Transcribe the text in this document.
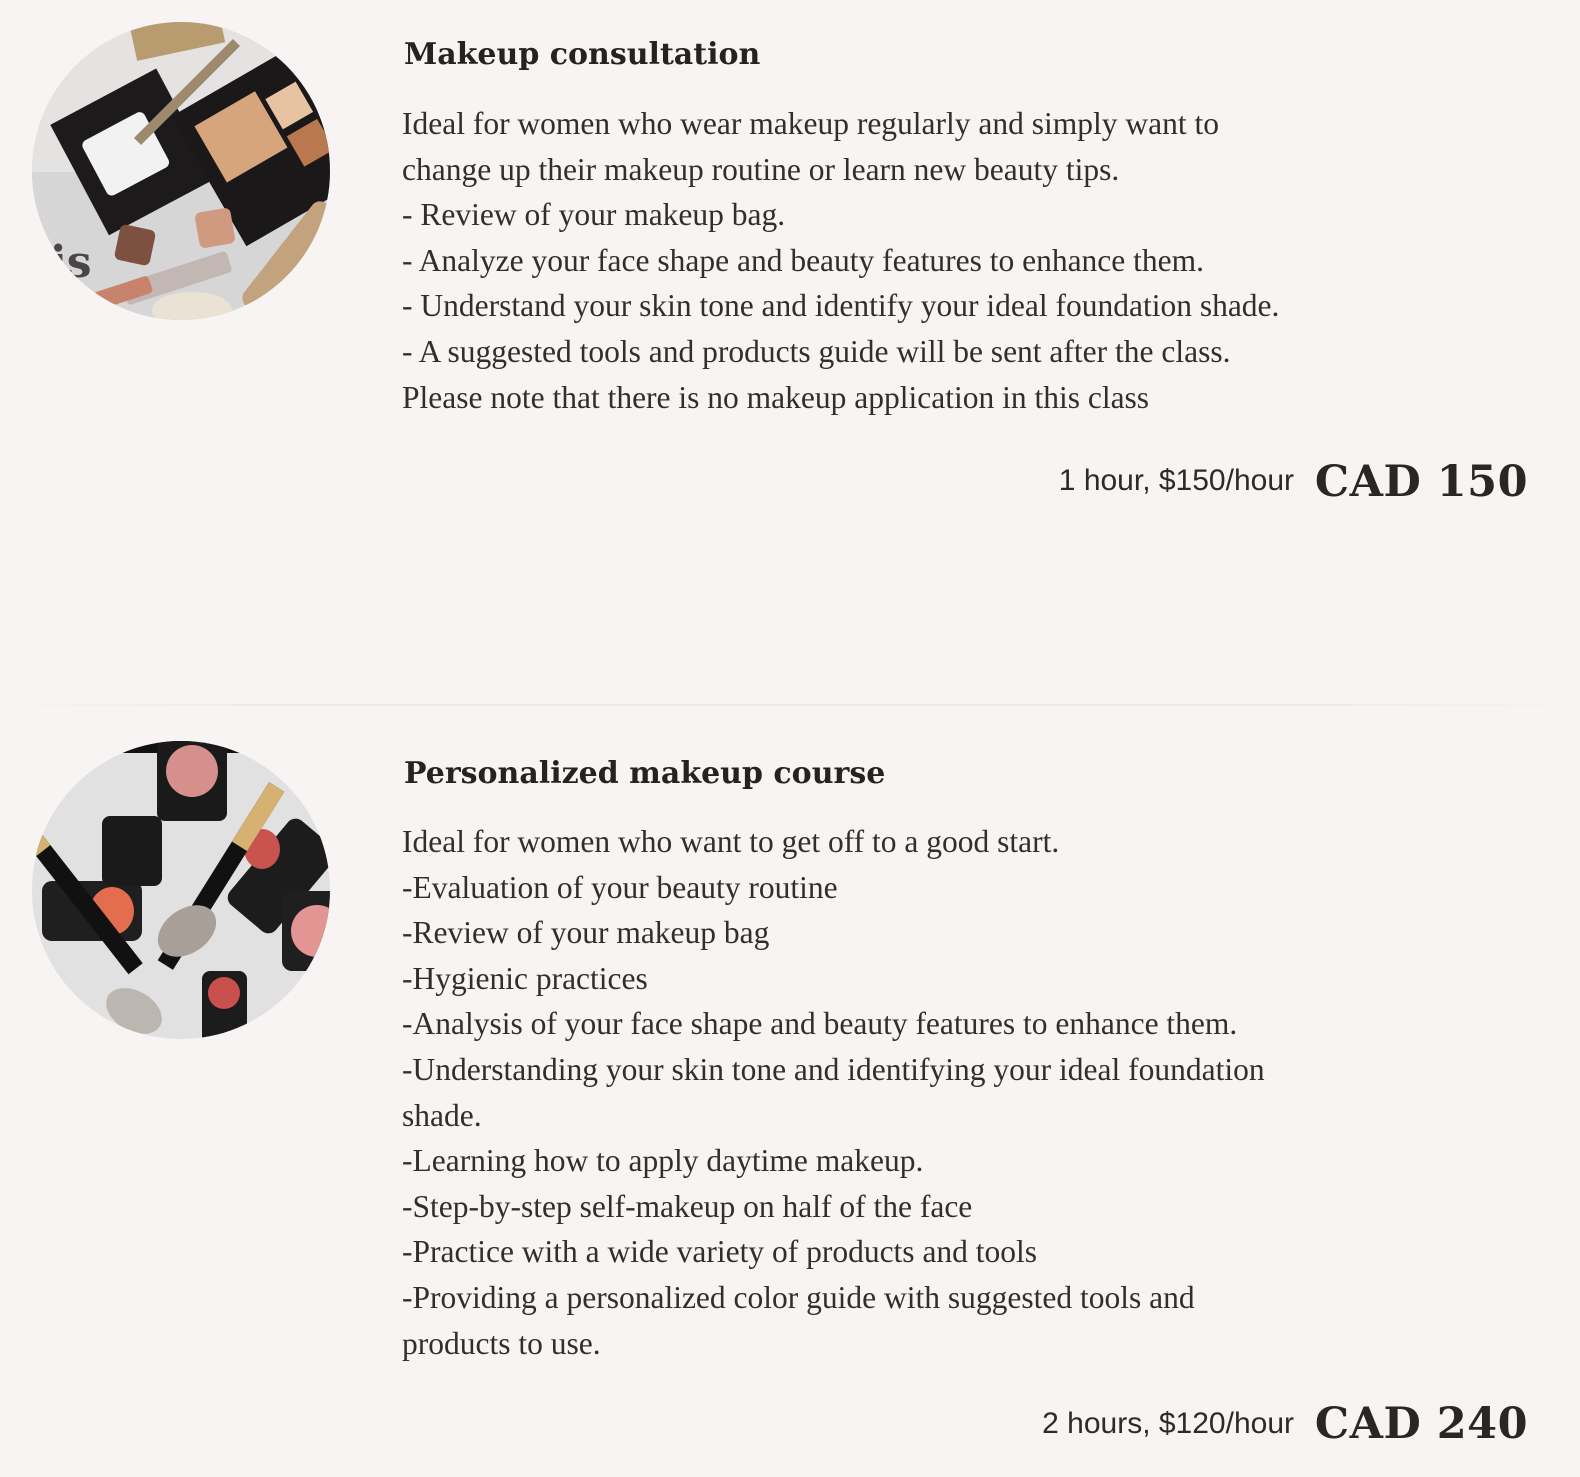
is
Makeup consultation
Ideal for women who wear makeup regularly and simply want to
change up their makeup routine or learn new beauty tips.
- Review of your makeup bag.
- Analyze your face shape and beauty features to enhance them.
- Understand your skin tone and identify your ideal foundation shade.
- A suggested tools and products guide will be sent after the class.
Please note that there is no makeup application in this class
1 hour, $150/hour CAD 150
Personalized makeup course
Ideal for women who want to get off to a good start.
-Evaluation of your beauty routine
-Review of your makeup bag
-Hygienic practices
-Analysis of your face shape and beauty features to enhance them.
-Understanding your skin tone and identifying your ideal foundation
shade.
-Learning how to apply daytime makeup.
-Step-by-step self-makeup on half of the face
-Practice with a wide variety of products and tools
-Providing a personalized color guide with suggested tools and
products to use.
2 hours, $120/hour CAD 240
